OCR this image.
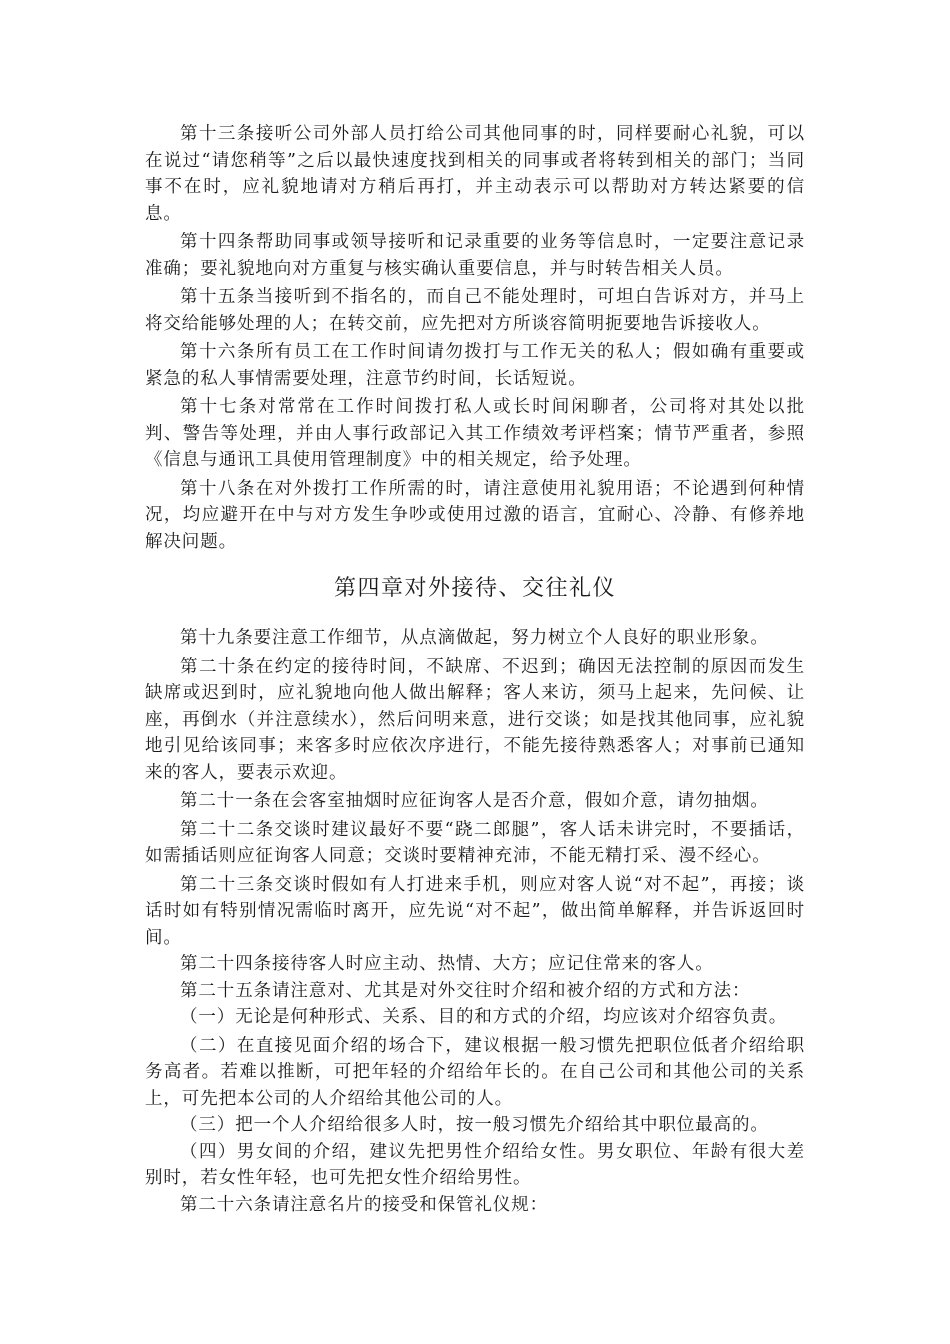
第十三条接听公司外部人员打给公司其他同事的时，同样要耐心礼貌，可以在说过“请您稍等”之后以最快速度找到相关的同事或者将转到相关的部门；当同事不在时，应礼貌地请对方稍后再打，并主动表示可以帮助对方转达紧要的信息。

第十四条帮助同事或领导接听和记录重要的业务等信息时，一定要注意记录准确；要礼貌地向对方重复与核实确认重要信息，并与时转告相关人员。

第十五条当接听到不指名的，而自己不能处理时，可坦白告诉对方，并马上将交给能够处理的人；在转交前，应先把对方所谈容简明扼要地告诉接收人。

第十六条所有员工在工作时间请勿拨打与工作无关的私人；假如确有重要或紧急的私人事情需要处理，注意节约时间，长话短说。

第十七条对常常在工作时间拨打私人或长时间闲聊者，公司将对其处以批判、警告等处理，并由人事行政部记入其工作绩效考评档案；情节严重者，参照《信息与通讯工具使用管理制度》中的相关规定，给予处理。

第十八条在对外拨打工作所需的时，请注意使用礼貌用语；不论遇到何种情况，均应避开在中与对方发生争吵或使用过激的语言，宜耐心、冷静、有修养地解决问题。

第四章对外接待、交往礼仪

第十九条要注意工作细节，从点滴做起，努力树立个人良好的职业形象。

第二十条在约定的接待时间，不缺席、不迟到；确因无法控制的原因而发生缺席或迟到时，应礼貌地向他人做出解释；客人来访，须马上起来，先问候、让座，再倒水（并注意续水），然后问明来意，进行交谈；如是找其他同事，应礼貌地引见给该同事；来客多时应依次序进行，不能先接待熟悉客人；对事前已通知来的客人，要表示欢迎。

第二十一条在会客室抽烟时应征询客人是否介意，假如介意，请勿抽烟。

第二十二条交谈时建议最好不要“跷二郎腿”，客人话未讲完时，不要插话，如需插话则应征询客人同意；交谈时要精神充沛，不能无精打采、漫不经心。

第二十三条交谈时假如有人打进来手机，则应对客人说“对不起”，再接；谈话时如有特别情况需临时离开，应先说“对不起”，做出简单解释，并告诉返回时间。

第二十四条接待客人时应主动、热情、大方；应记住常来的客人。

第二十五条请注意对、尤其是对外交往时介绍和被介绍的方式和方法：

（一）无论是何种形式、关系、目的和方式的介绍，均应该对介绍容负责。

（二）在直接见面介绍的场合下，建议根据一般习惯先把职位低者介绍给职务高者。若难以推断，可把年轻的介绍给年长的。在自己公司和其他公司的关系上，可先把本公司的人介绍给其他公司的人。

（三）把一个人介绍给很多人时，按一般习惯先介绍给其中职位最高的。

（四）男女间的介绍，建议先把男性介绍给女性。男女职位、年龄有很大差别时，若女性年轻，也可先把女性介绍给男性。

第二十六条请注意名片的接受和保管礼仪规：
